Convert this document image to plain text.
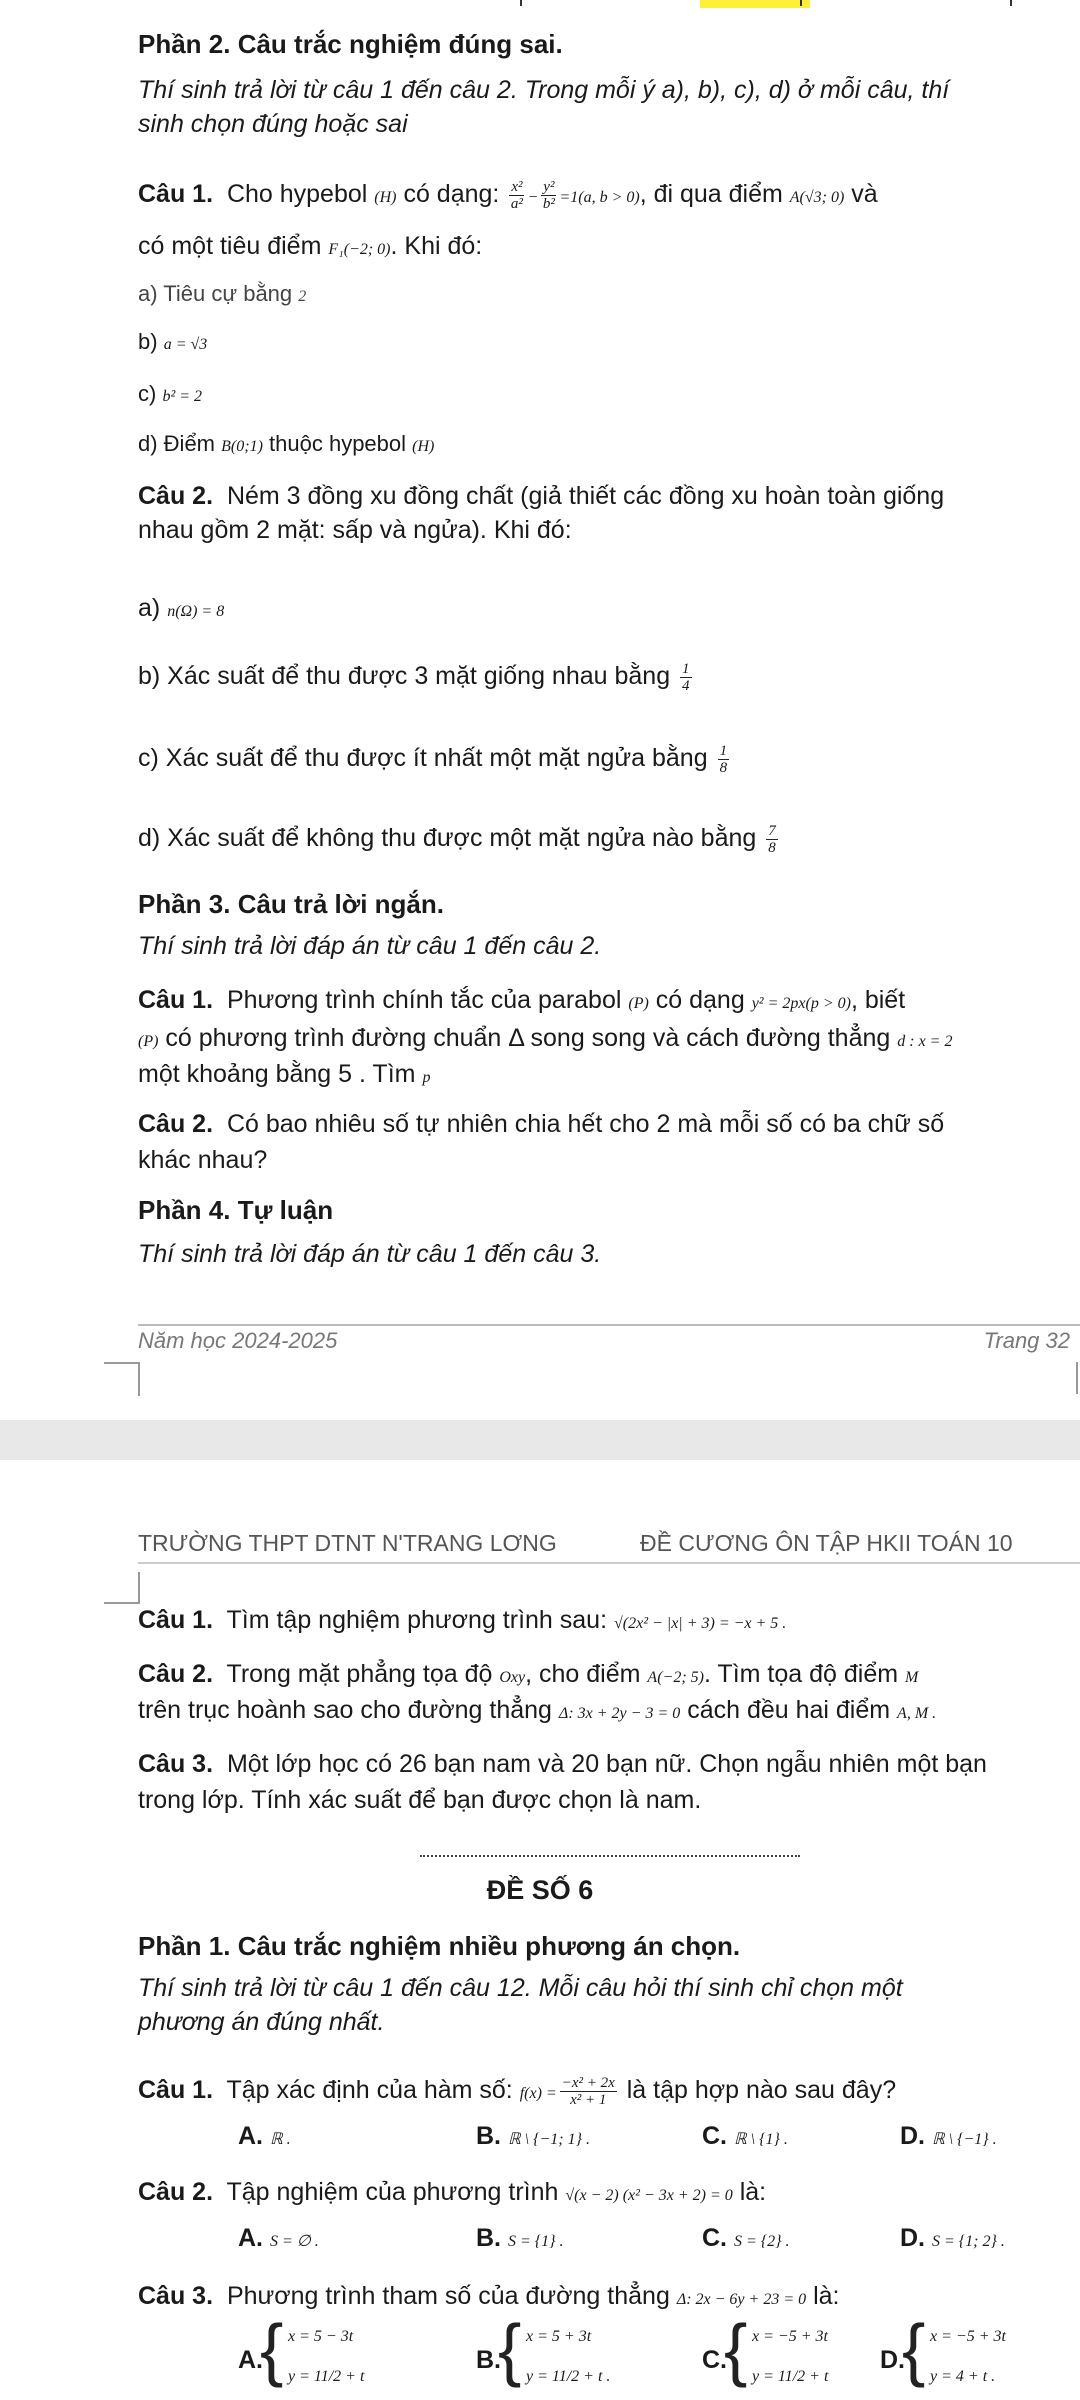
Phần 2. Câu trắc nghiệm đúng sai.
Thí sinh trả lời từ câu 1 đến câu 2. Trong mỗi ý a), b), c), d) ở mỗi câu, thí
sinh chọn đúng hoặc sai
Câu 1. Cho hypebol (H) có dạng: $\frac{\text{x²}}{\text{a²}} - \frac{\text{y²}}{\text{b²}} =1(a$, b > 0), đi qua điểm A(√3; 0) và
có một tiêu điểm F₁(−2; 0). Khi đó:
a) Tiêu cự bằng 2
b) a = √3
c) b² = 2
d) Điểm B(0;1) thuộc hypebol (H)
Câu 2. Ném 3 đồng xu đồng chất (giả thiết các đồng xu hoàn toàn giống
nhau gồm 2 mặt: sấp và ngửa). Khi đó:
a) n(Ω) = 8
b) Xác suất để thu được 3 mặt giống nhau bằng $\frac{1}{4}$
c) Xác suất để thu được ít nhất một mặt ngửa bằng $\frac{1}{8}$
d) Xác suất để không thu được một mặt ngửa nào bằng $\frac{7}{8}$
Phần 3. Câu trả lời ngắn.
Thí sinh trả lời đáp án từ câu 1 đến câu 2.
Câu 1. Phương trình chính tắc của parabol (P) có dạng y² = 2px(p > 0), biết
(P) có phương trình đường chuẩn Δ song song và cách đường thẳng d : x = 2
một khoảng bằng 5 . Tìm p
Câu 2. Có bao nhiêu số tự nhiên chia hết cho 2 mà mỗi số có ba chữ số
khác nhau?
Phần 4. Tự luận
Thí sinh trả lời đáp án từ câu 1 đến câu 3.
Năm học 2024-2025	Trang 32
TRƯỜNG THPT DTNT N'TRANG LƠNG	ĐỀ CƯƠNG ÔN TẬP HKII TOÁN 10
Câu 1. Tìm tập nghiệm phương trình sau: √(2x² − |x| + 3) = −x + 5 .
Câu 2. Trong mặt phẳng tọa độ Oxy, cho điểm A(−2; 5). Tìm tọa độ điểm M
trên trục hoành sao cho đường thẳng Δ: 3x + 2y − 3 = 0 cách đều hai điểm A, M .
Câu 3. Một lớp học có 26 bạn nam và 20 bạn nữ. Chọn ngẫu nhiên một bạn
trong lớp. Tính xác suất để bạn được chọn là nam.
ĐỀ SỐ 6
Phần 1. Câu trắc nghiệm nhiều phương án chọn.
Thí sinh trả lời từ câu 1 đến câu 12. Mỗi câu hỏi thí sinh chỉ chọn một
phương án đúng nhất.
Câu 1. Tập xác định của hàm số: $f(x) = \frac{\text{−x² + 2x}}{\text{x² + 1}}$ là tập hợp nào sau đây?
A. ℝ .	B. ℝ \ {−1; 1} .	C. ℝ \ {1} .	D. ℝ \ {−1} .
Câu 2. Tập nghiệm của phương trình √(x − 2) (x² − 3x + 2) = 0 là:
A. S = ∅ .	B. S = {1} .	C. S = {2} .	D. S = {1; 2} .
Câu 3. Phương trình tham số của đường thẳng Δ: 2x − 6y + 23 = 0 là:
A.
{ x = 5 − 3t
y = 11/2 + t
B.
{ x = 5 + 3t
y = 11/2 + t .
C.
{ x = −5 + 3t
y = 11/2 + t
D.
{ x = −5 + 3t
y = 4 + t .
